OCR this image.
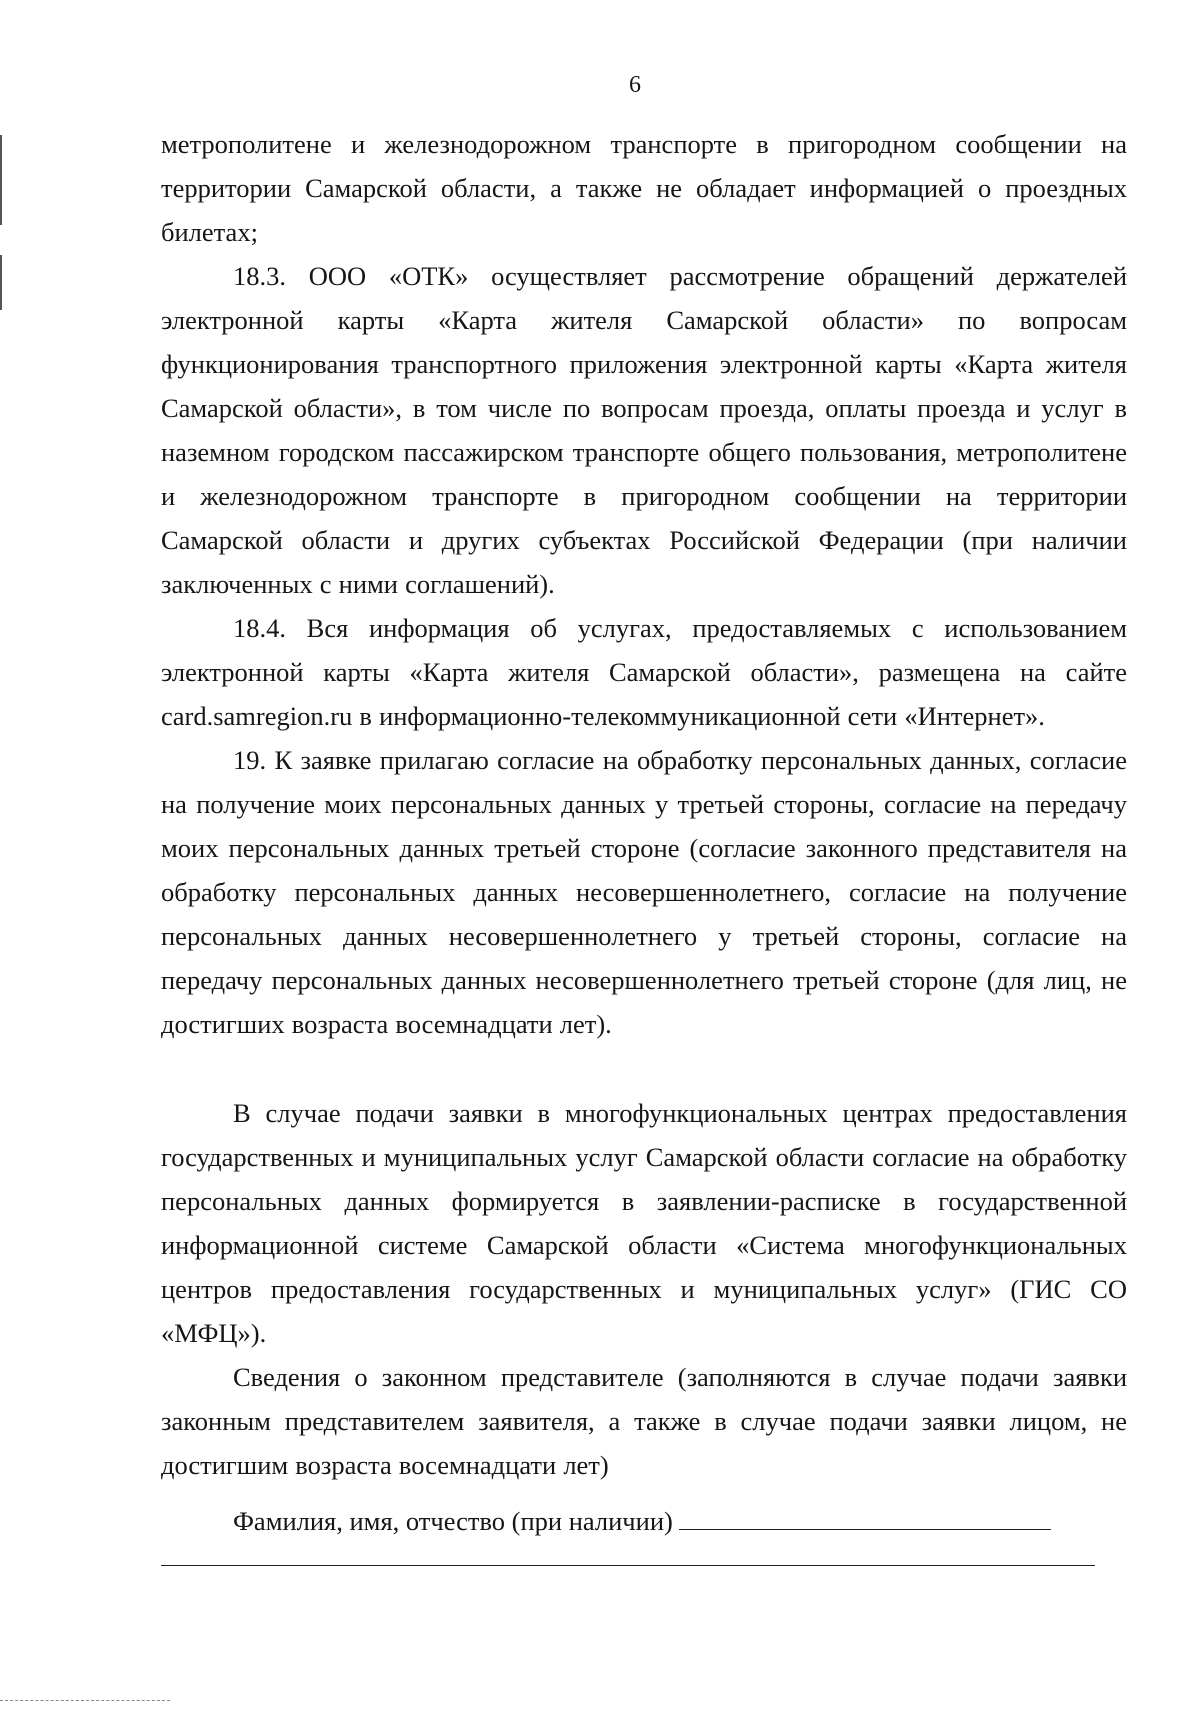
6

метрополитене и железнодорожном транспорте в пригородном сообщении на территории Самарской области, а также не обладает информацией о проездных билетах;

18.3. ООО «ОТК» осуществляет рассмотрение обращений держателей электронной карты «Карта жителя Самарской области» по вопросам функционирования транспортного приложения электронной карты «Карта жителя Самарской области», в том числе по вопросам проезда, оплаты проезда и услуг в наземном городском пассажирском транспорте общего пользования, метрополитене и железнодорожном транспорте в пригородном сообщении на территории Самарской области и других субъектах Российской Федерации (при наличии заключенных с ними соглашений).

18.4. Вся информация об услугах, предоставляемых с использованием электронной карты «Карта жителя Самарской области», размещена на сайте card.samregion.ru в информационно-телекоммуникационной сети «Интернет».

19. К заявке прилагаю согласие на обработку персональных данных, согласие на получение моих персональных данных у третьей стороны, согласие на передачу моих персональных данных третьей стороне (согласие законного представителя на обработку персональных данных несовершеннолетнего, согласие на получение персональных данных несовершеннолетнего у третьей стороны, согласие на передачу персональных данных несовершеннолетнего третьей стороне (для лиц, не достигших возраста восемнадцати лет).

В случае подачи заявки в многофункциональных центрах предоставления государственных и муниципальных услуг Самарской области согласие на обработку персональных данных формируется в заявлении-расписке в государственной информационной системе Самарской области «Система многофункциональных центров предоставления государственных и муниципальных услуг» (ГИС СО «МФЦ»).

Сведения о законном представителе (заполняются в случае подачи заявки законным представителем заявителя, а также в случае подачи заявки лицом, не достигшим возраста восемнадцати лет)

Фамилия, имя, отчество (при наличии)
